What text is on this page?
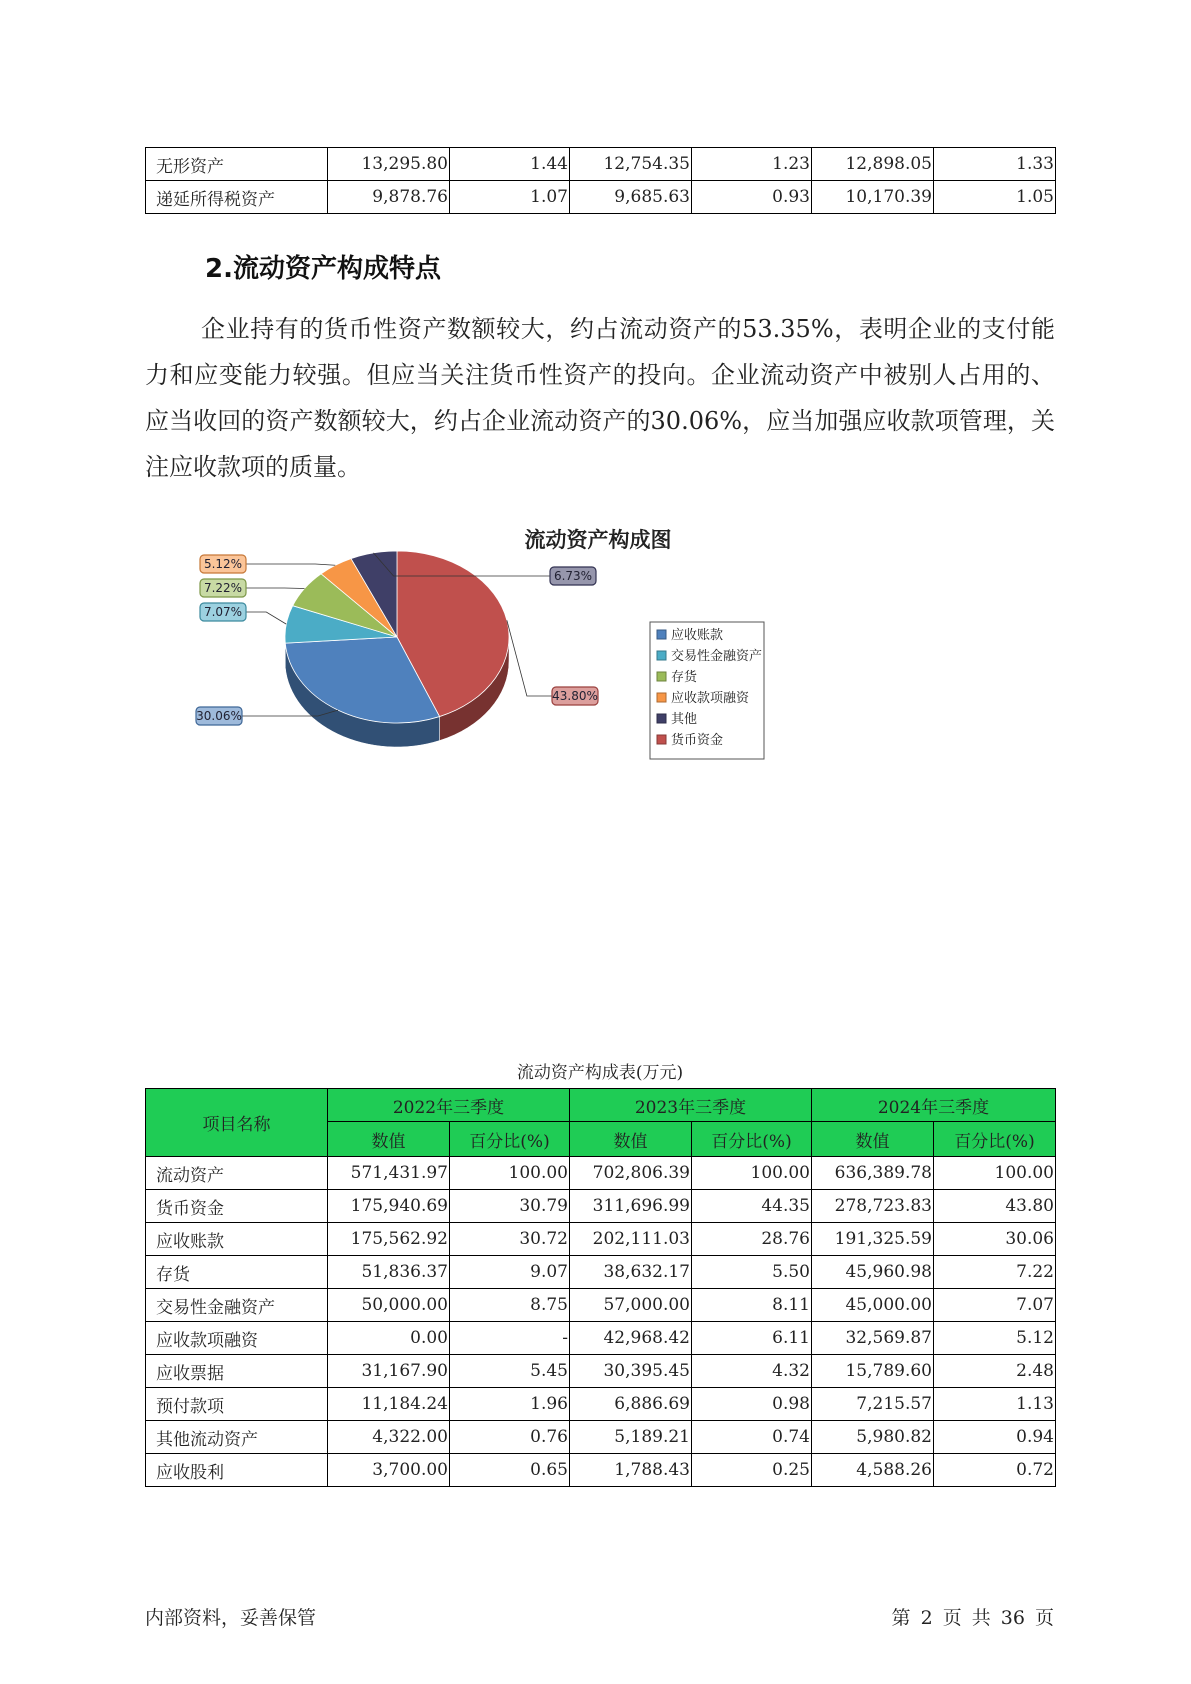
无形资产	13,295.80	1.44	12,754.35	1.23	12,898.05	1.33
递延所得税资产	9,878.76	1.07	9,685.63	0.93	10,170.39	1.05
2.流动资产构成特点

企业持有的货币性资产数额较大，约占流动资产的53.35%，表明企业的支付能力和应变能力较强。但应当关注货币性资产的投向。企业流动资产中被别人占用的、应当收回的资产数额较大，约占企业流动资产的30.06%，应当加强应收款项管理，关注应收款项的质量。

流动资产构成图
43.80%
30.06%
7.07%
7.22%
5.12%
6.73%
应收账款
交易性金融资产
存货
应收款项融资
其他
货币资金
流动资产构成表(万元)
项目名称	2022年三季度		2023年三季度		2024年三季度	
	数值	百分比(%)	数值	百分比(%)	数值	百分比(%)
流动资产	571,431.97	100.00	702,806.39	100.00	636,389.78	100.00
货币资金	175,940.69	30.79	311,696.99	44.35	278,723.83	43.80
应收账款	175,562.92	30.72	202,111.03	28.76	191,325.59	30.06
存货	51,836.37	9.07	38,632.17	5.50	45,960.98	7.22
交易性金融资产	50,000.00	8.75	57,000.00	8.11	45,000.00	7.07
应收款项融资	0.00	-	42,968.42	6.11	32,569.87	5.12
应收票据	31,167.90	5.45	30,395.45	4.32	15,789.60	2.48
预付款项	11,184.24	1.96	6,886.69	0.98	7,215.57	1.13
其他流动资产	4,322.00	0.76	5,189.21	0.74	5,980.82	0.94
应收股利	3,700.00	0.65	1,788.43	0.25	4,588.26	0.72
内部资料，妥善保管	第 2 页 共 36 页
